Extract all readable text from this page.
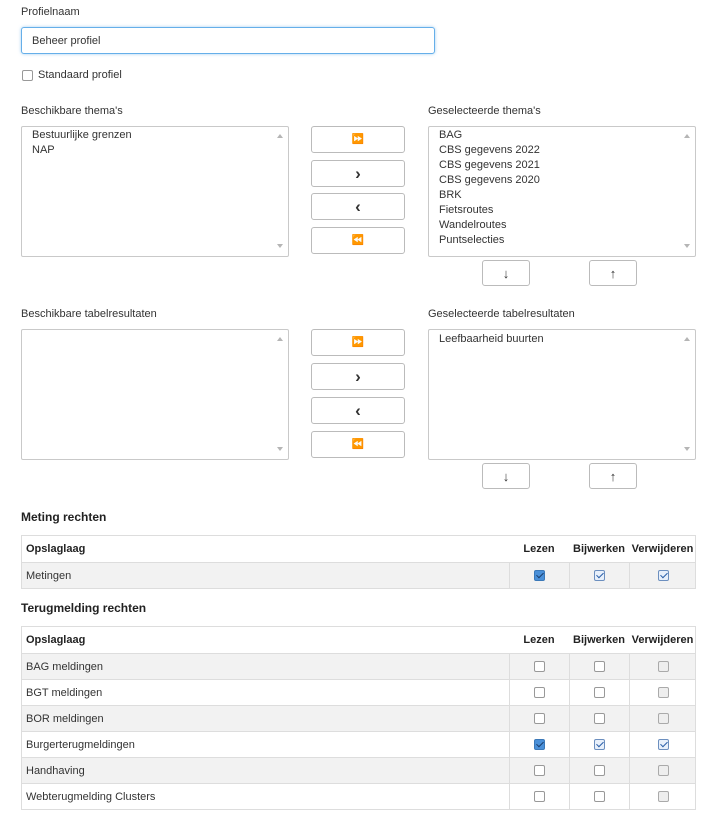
Profielnaam
Beheer profiel
Standaard profiel
Beschikbare thema's	Geselecteerde thema's
Bestuurlijke grenzen
NAP
⏩
›
‹
⏪
BAG
CBS gegevens 2022
CBS gegevens 2021
CBS gegevens 2020
BRK
Fietsroutes
Wandelroutes
Puntselecties
↓	↑
Beschikbare tabelresultaten	Geselecteerde tabelresultaten
⏩
›
‹
⏪
Leefbaarheid buurten
↓	↑
Meting rechten
Opslaglaag	Lezen	Bijwerken Verwijderen
Metingen
Terugmelding rechten
Opslaglaag	Lezen	Bijwerken Verwijderen
BAG meldingen
BGT meldingen
BOR meldingen
Burgerterugmeldingen
Handhaving
Webterugmelding Clusters
